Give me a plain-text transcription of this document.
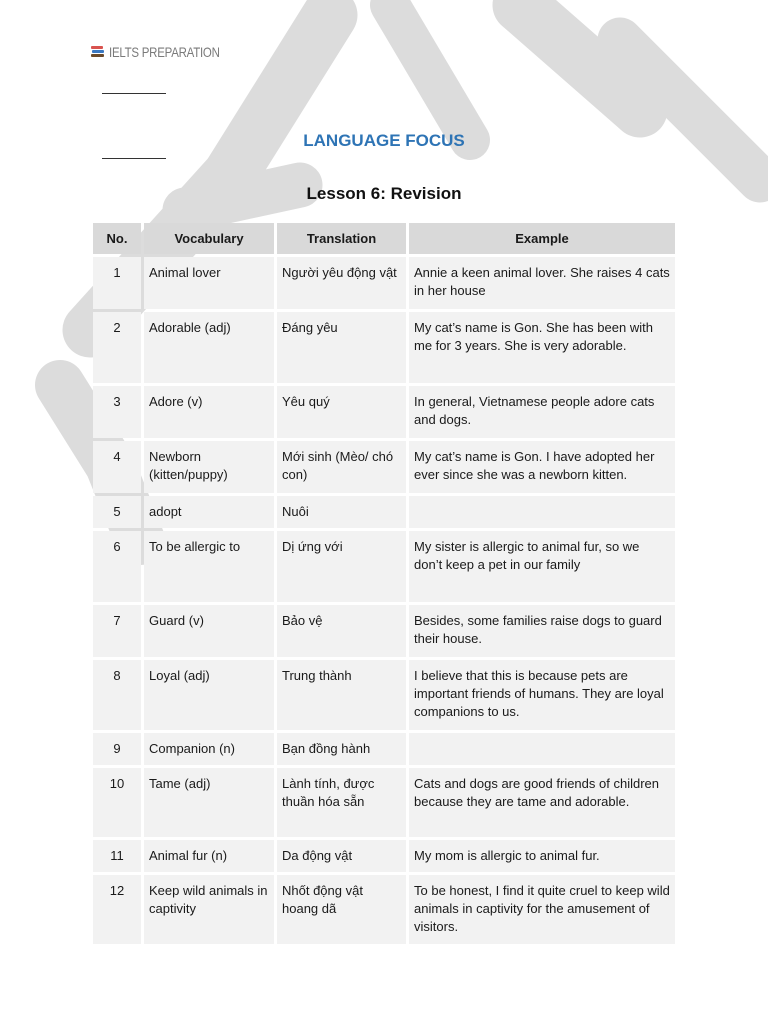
IELTS PREPARATION
LANGUAGE FOCUS
Lesson 6: Revision
No.	Vocabulary	Translation	Example
1	Animal lover	Người yêu động vật	Annie a keen animal lover. She raises 4 cats in her house
2	Adorable (adj)	Đáng yêu	My cat’s name is Gon. She has been with me for 3 years. She is very adorable.
3	Adore (v)	Yêu quý	In general, Vietnamese people adore cats and dogs.
4	Newborn (kitten/puppy)	Mới sinh (Mèo/ chó con)	My cat’s name is Gon. I have adopted her ever since she was a newborn kitten.
5	adopt	Nuôi	
6	To be allergic to	Dị ứng với	My sister is allergic to animal fur, so we don’t keep a pet in our family
7	Guard (v)	Bảo vệ	Besides, some families raise dogs to guard their house.
8	Loyal (adj)	Trung thành	I believe that this is because pets are important friends of humans. They are loyal companions to us.
9	Companion (n)	Bạn đồng hành	
10	Tame (adj)	Lành tính, được thuần hóa sẵn	Cats and dogs are good friends of children because they are tame and adorable.
11	Animal fur (n)	Da động vật	My mom is allergic to animal fur.
12	Keep wild animals in captivity	Nhốt động vật hoang dã	To be honest, I find it quite cruel to keep wild animals in captivity for the amusement of visitors.
